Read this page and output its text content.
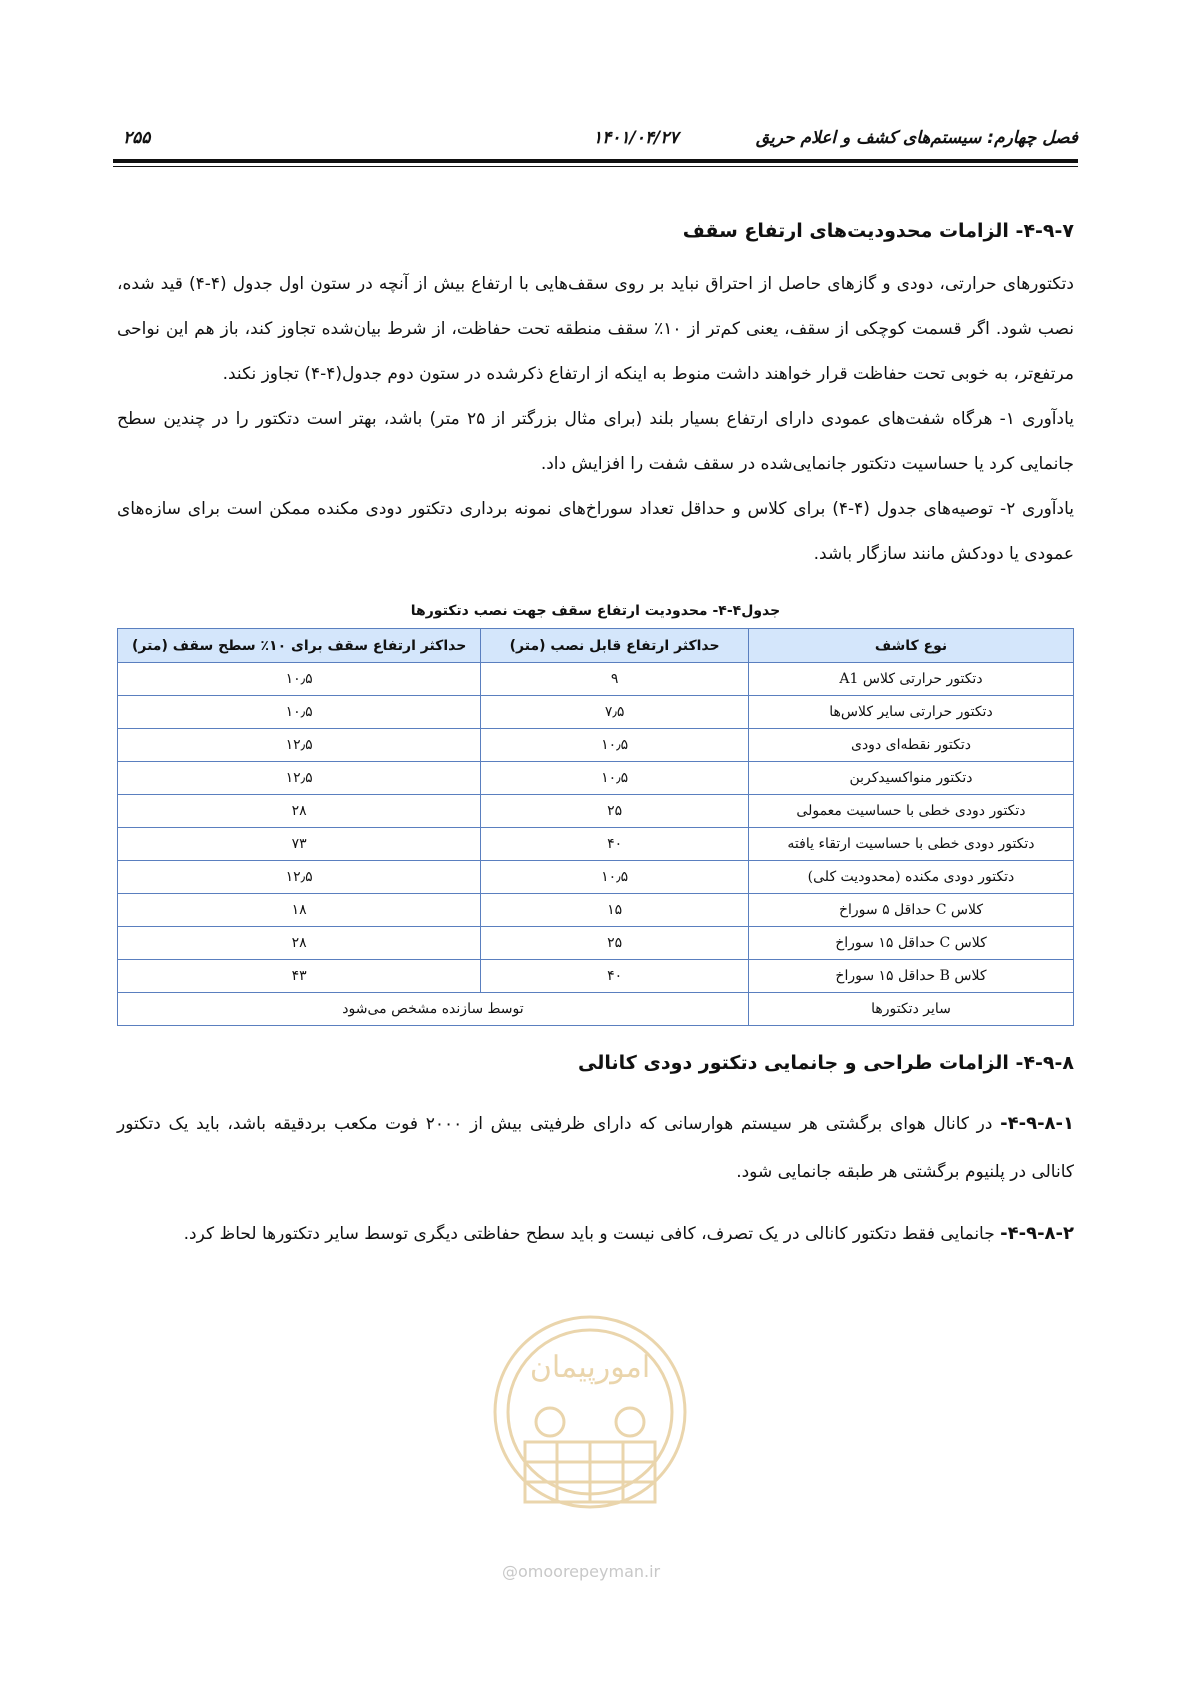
فصل چهارم: سیستم‌های کشف و اعلام حریق
۱۴۰۱/۰۴/۲۷
۲۵۵
۴-۹-۷- الزامات محدودیت‌های ارتفاع سقف

دتکتورهای حرارتی، دودی و گازهای حاصل از احتراق نباید بر روی سقف‌هایی با ارتفاع بیش از آنچه در ستون اول جدول (۴-۴) قید شده، نصب شود. اگر قسمت کوچکی از سقف، یعنی کم‌تر از ۱۰٪ سقف منطقه تحت حفاظت، از شرط بیان‌شده تجاوز کند، باز هم این نواحی مرتفع‌تر، به خوبی تحت حفاظت قرار خواهند داشت منوط به اینکه از ارتفاع ذکرشده در ستون دوم جدول(۴-۴) تجاوز نکند.

یادآوری ۱- هرگاه شفت‌های عمودی دارای ارتفاع بسیار بلند (برای مثال بزرگتر از ۲۵ متر) باشد، بهتر است دتکتور را در چندین سطح جانمایی کرد یا حساسیت دتکتور جانمایی‌شده در سقف شفت را افزایش داد.

یادآوری ۲- توصیه‌های جدول (۴-۴) برای کلاس و حداقل تعداد سوراخ‌های نمونه برداری دتکتور دودی مکنده ممکن است برای سازه‌های عمودی یا دودکش مانند سازگار باشد.

جدول۴-۴- محدودیت ارتفاع سقف جهت نصب دتکتورها
نوع کاشف	حداکثر ارتفاع قابل نصب (متر)	حداکثر ارتفاع سقف برای ۱۰٪ سطح سقف (متر)
دتکتور حرارتی کلاس A1	۹	۱۰٫۵
دتکتور حرارتی سایر کلاس‌ها	۷٫۵	۱۰٫۵
دتکتور نقطه‌ای دودی	۱۰٫۵	۱۲٫۵
دتکتور منواکسیدکربن	۱۰٫۵	۱۲٫۵
دتکتور دودی خطی با حساسیت معمولی	۲۵	۲۸
دتکتور دودی خطی با حساسیت ارتقاء یافته	۴۰	۷۳
دتکتور دودی مکنده (محدودیت کلی)	۱۰٫۵	۱۲٫۵
کلاس C حداقل ۵ سوراخ	۱۵	۱۸
کلاس C حداقل ۱۵ سوراخ	۲۵	۲۸
کلاس B حداقل ۱۵ سوراخ	۴۰	۴۳
سایر دتکتورها	توسط سازنده مشخص می‌شود	
۴-۹-۸- الزامات طراحی و جانمایی دتکتور دودی کانالی

۴-۹-۸-۱- در کانال هوای برگشتی هر سیستم هوارسانی که دارای ظرفیتی بیش از ۲۰۰۰ فوت مکعب بردقیقه باشد، باید یک دتکتور کانالی در پلنیوم برگشتی هر طبقه جانمایی شود.

۴-۹-۸-۲- جانمایی فقط دتکتور کانالی در یک تصرف، کافی نیست و باید سطح حفاظتی دیگری توسط سایر دتکتورها لحاظ کرد.

امورپیمان
@omoorepeyman.ir
